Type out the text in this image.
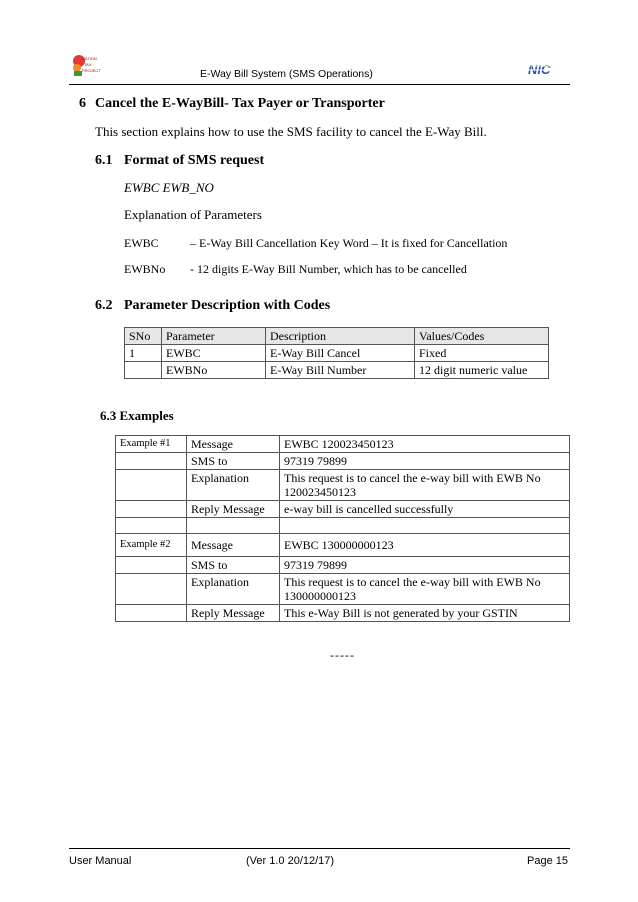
NATION
TAX
PROJECT	E-Way Bill System (SMS Operations)	NIC
6 Cancel the E-WayBill- Tax Payer or Transporter
This section explains how to use the SMS facility to cancel the E-Way Bill.
6.1 Format of SMS request
EWBC EWB_NO
Explanation of Parameters
EWBC	– E-Way Bill Cancellation Key Word – It is fixed for Cancellation
EWBNo - 12 digits E-Way Bill Number, which has to be cancelled
6.2 Parameter Description with Codes
SNo	Parameter	Description	Values/Codes
1	EWBC	E-Way Bill Cancel	Fixed
	EWBNo	E-Way Bill Number	12 digit numeric value
6.3 Examples
Example #1	Message	EWBC 120023450123
	SMS to	97319 79899
	Explanation	This request is to cancel the e-way bill with EWB No
120023450123
	Reply Message	e-way bill is cancelled successfully

Example #2	Message	EWBC 130000000123
	SMS to	97319 79899
	Explanation	This request is to cancel the e-way bill with EWB No
130000000123
	Reply Message	This e-Way Bill is not generated by your GSTIN
-----
User Manual	(Ver 1.0 20/12/17)	Page 15
